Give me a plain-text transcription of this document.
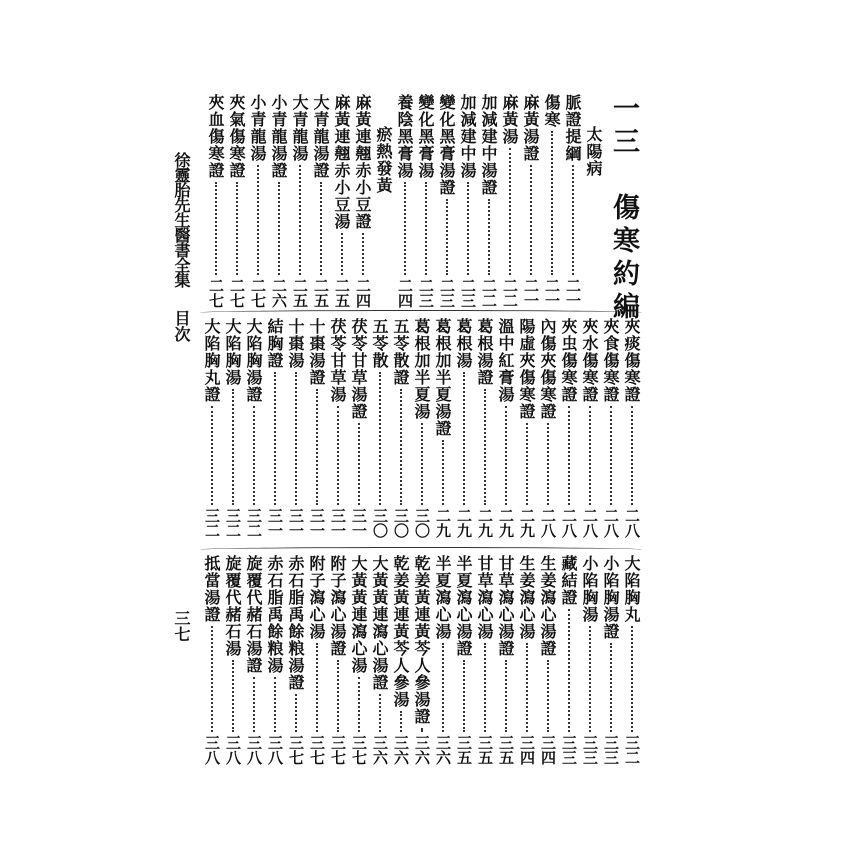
徐靈胎先生醫書全集
目次
三七
一三　傷寒約編
太陽病
脈證提綱
二一
傷寒
二一
麻黃湯證
二一
麻黃湯
二二
加減建中湯證
二二
加減建中湯
二三
變化黑膏湯證
二三
變化黑膏湯
二三
養陰黑膏湯
二四
瘀熱發黃
麻黃連翹赤小豆證
二四
麻黃連翹赤小豆湯
二五
大青龍湯證
二五
大青龍湯
二五
小青龍湯證
二六
小青龍湯
二七
夾氣傷寒證
二七
夾血傷寒證
二七
夾痰傷寒證
二八
夾食傷寒證
二八
夾水傷寒證
二八
夾虫傷寒證
二八
內傷夾傷寒證
二八
陽虛夾傷寒證
二九
溫中紅膏湯
二九
葛根湯證
二九
葛根湯
二九
葛根加半夏湯證
二九
葛根加半夏湯
三〇
五苓散證
三〇
五苓散
三〇
茯苓甘草湯證
三一
茯苓甘草湯
三一
十棗湯證
三一
十棗湯
三一
結胸證
三一
大陷胸湯證
三二
大陷胸湯
三二
大陷胸丸證
三二
大陷胸丸
三二
小陷胸湯證
三三
小陷胸湯
三三
藏結證
三三
生姜瀉心湯證
三四
生姜瀉心湯
三四
甘草瀉心湯證
三五
甘草瀉心湯
三五
半夏瀉心湯證
三五
半夏瀉心湯
三六
乾姜黃連黃芩人參湯證
三六
乾姜黃連黃芩人參湯
三六
大黃黃連瀉心湯證
三六
大黃黃連瀉心湯
三七
附子瀉心湯證
三七
附子瀉心湯
三七
赤石脂禹餘粮湯證
三七
赤石脂禹餘粮湯
三八
旋覆代赭石湯證
三八
旋覆代赭石湯
三八
抵當湯證
三八
